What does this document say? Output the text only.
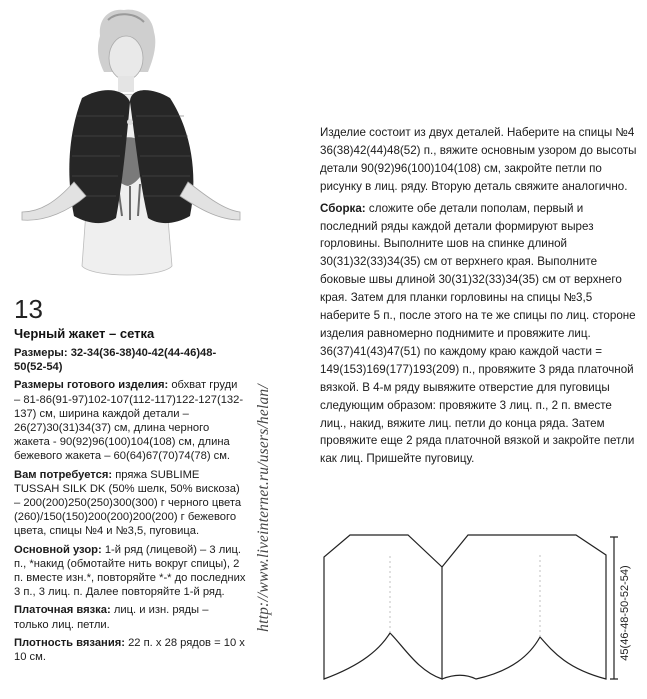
13
Черный жакет – сетка

Размеры: 32-34(36-38)40-42(44-46)48-50(52-54)

Размеры готового изделия: обхват груди – 81-86(91-97)102-107(112-117)122-127(132-137) см, ширина каждой детали – 26(27)30(31)34(37) см, длина черного жакета - 90(92)96(100)104(108) см, длина бежевого жакета – 60(64)67(70)74(78) см.

Вам потребуется: пряжа SUBLIME TUSSAH SILK DK (50% шелк, 50% вискоза) – 200(200)250(250)300(300) г черного цвета (260)/150(150)200(200)200(200) г бежевого цвета, спицы №4 и №3,5, пуговица.

Основной узор: 1-й ряд (лицевой) – 3 лиц. п., *накид (обмотайте нить вокруг спицы), 2 п. вместе изн.*, повторяйте *-* до последних 3 п., 3 лиц. п. Далее повторяйте 1-й ряд.

Платочная вязка: лиц. и изн. ряды – только лиц. петли.

Плотность вязания: 22 п. х 28 рядов = 10 х 10 см.

http://www.liveinternet.ru/users/helan/

Изделие состоит из двух деталей. Наберите на спицы №4 36(38)42(44)48(52) п., вяжите основным узором до высоты детали 90(92)96(100)104(108) см, закройте петли по рисунку в лиц. ряду. Вторую деталь свяжите аналогично.

Сборка: сложите обе детали пополам, первый и последний ряды каждой детали формируют вырез горловины. Выполните шов на спинке длиной 30(31)32(33)34(35) см от верхнего края. Выполните боковые швы длиной 30(31)32(33)34(35) см от верхнего края. Затем для планки горловины на спицы №3,5 наберите 5 п., после этого на те же спицы по лиц. стороне изделия равномерно поднимите и провяжите лиц. 36(37)41(43)47(51) по каждому краю каждой части = 149(153)169(177)193(209) п., провяжите 3 ряда платочной вязкой. В 4-м ряду вывяжите отверстие для пуговицы следующим образом: провяжите 3 лиц. п., 2 п. вместе лиц., накид, вяжите лиц. петли до конца ряда. Затем провяжите еще 2 ряда платочной вязкой и закройте петли как лиц. Пришейте пуговицу.

45(46-48-50-52-54)
